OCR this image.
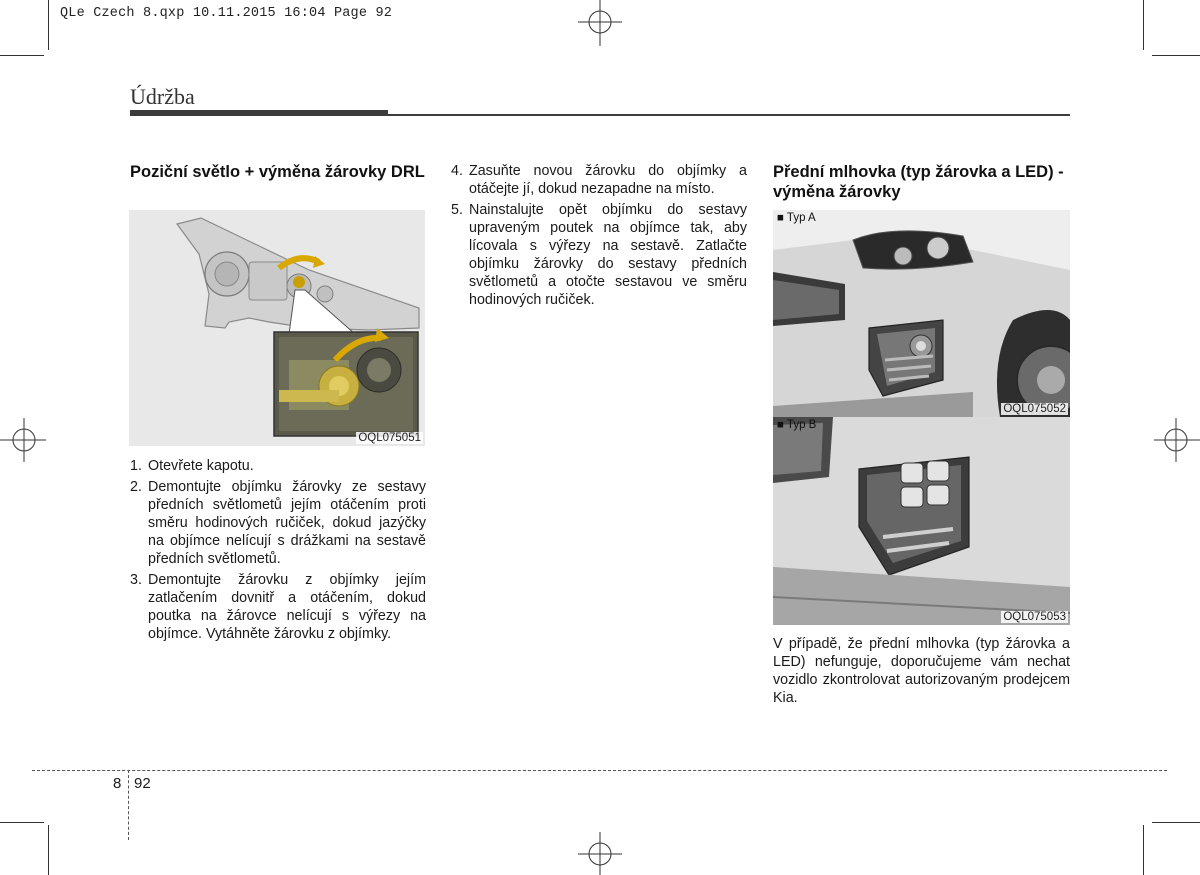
QLe Czech 8.qxp 10.11.2015 16:04 Page 92
Údržba
Poziční světlo + výměna žárovky DRL
OQL075051
1. Otevřete kapotu.
2. Demontujte objímku žárovky ze sestavy předních světlometů jejím otáčením proti směru hodinových ručiček, dokud jazýčky na objímce nelícují s drážkami na sestavě předních světlometů.
3. Demontujte žárovku z objímky jejím zatlačením dovnitř a otáčením, dokud poutka na žárovce nelícují s výřezy na objímce. Vytáhněte žárovku z objímky.
4. Zasuňte novou žárovku do objímky a otáčejte jí, dokud nezapadne na místo.
5. Nainstalujte opět objímku do sestavy upraveným poutek na objímce tak, aby lícovala s výřezy na sestavě. Zatlačte objímku žárovky do sestavy předních světlometů a otočte sestavou ve směru hodinových ručiček.
Přední mlhovka (typ žárovka a LED) - výměna žárovky
■ Typ A
OQL075052
■ Typ B
OQL075053

V případě, že přední mlhovka (typ žárovka a LED) nefunguje, doporučujeme vám nechat vozidlo zkontrolovat autorizovaným prodejcem Kia.

8 92
